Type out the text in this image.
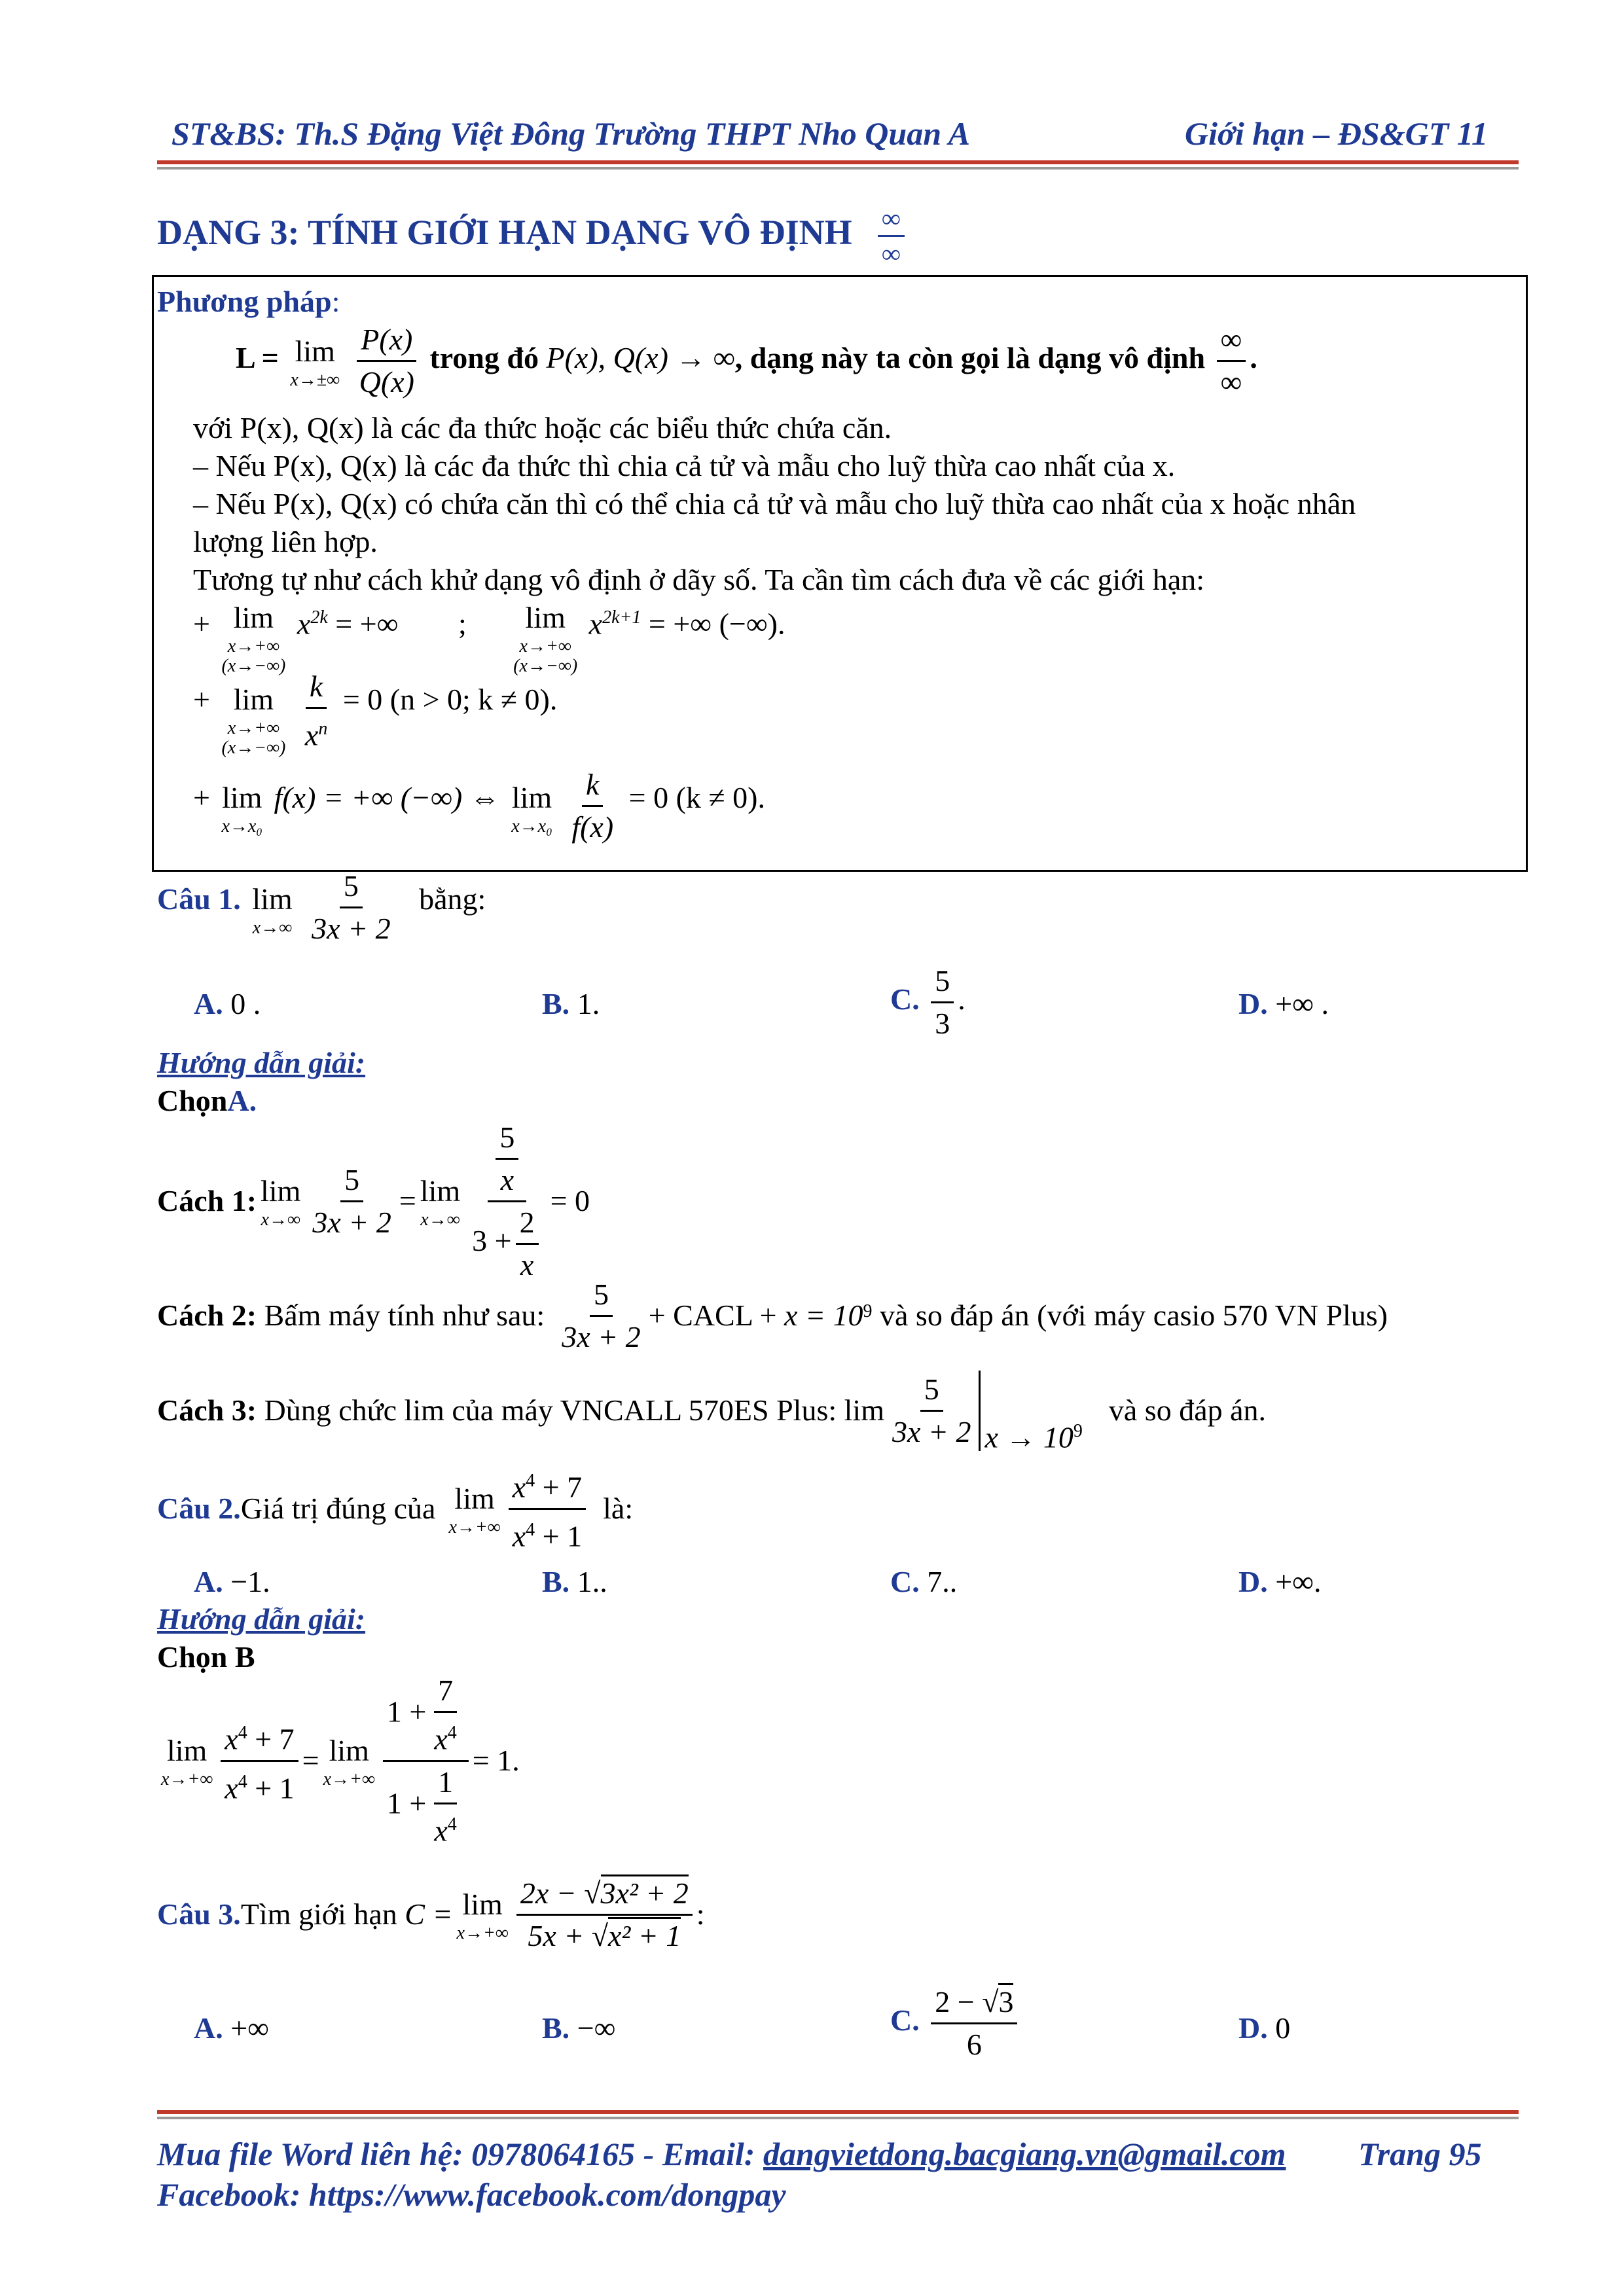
ST&BS: Th.S Đặng Việt Đông Trường THPT Nho Quan A	Giới hạn – ĐS&GT 11
DẠNG 3: TÍNH GIỚI HẠN DẠNG VÔ ĐỊNH $\frac{\infty}{\infty}$
Phương pháp:
L = lim
x→±∞
$\frac{P(x)}{Q(x)}$ trong đó P(x), Q(x) → ∞, dạng này ta còn gọi là dạng vô định $\frac{\infty}{\infty}$ .
với P(x), Q(x) là các đa thức hoặc các biểu thức chứa căn.
– Nếu P(x), Q(x) là các đa thức thì chia cả tử và mẫu cho luỹ thừa cao nhất của x.
– Nếu P(x), Q(x) có chứa căn thì có thể chia cả tử và mẫu cho luỹ thừa cao nhất của x hoặc nhân
lượng liên hợp.
Tương tự như cách khử dạng vô định ở dãy số. Ta cần tìm cách đưa về các giới hạn:
+ lim
x→+∞
(x→−∞)
$x^{2k}$ = +∞ ; lim
x→+∞
(x→−∞)
$x^{2k+1}$ = +∞ (−∞).
+ lim
x→+∞
(x→−∞)
$\frac{k}{x^n} = 0$ (n > 0; k ≠ 0).
+ lim
x→x₀
f(x) = +∞ (−∞) ⇔ lim
x→x₀
$\frac{k}{f(x)} = 0$ (k ≠ 0).
Câu 1. lim
x→∞
$\frac{5}{3x + 2}$ bằng:
A. 0 .	B. 1.	C. $\frac{5}{3}$ .	D. +∞ .
Hướng dẫn giải:
ChọnA.
Cách 1: lim
$x\to\infty \frac{5}{3x + 2} = \lim$
$x\to\infty \frac{\frac{5}{x}}{3 + \frac{2}{x}} = 0$
Cách 2:
Bấm máy tính như sau: $\frac{5}{3x + 2}$ + CACL +
x = 10 9
và so đáp án (với máy casio 570 VN Plus)
Cách 3:
Dùng chức lim của máy VNCALL 570ES Plus:
$\lim \frac{5}{3x + 2}$ $x \to 10^9$
và so đáp án.
Câu 2. Giá trị đúng của lim
$x\to+\infty \frac{x^4 + 7}{x^4 + 1}$ là:
A. −1.	B. 1..	C. 7..	D. +∞.
Hướng dẫn giải:
Chọn B
lim
$x\to+\infty \frac{x^4 + 7}{x^4 + 1} = \lim$
$x\to+\infty \frac{1 + \frac{7}{x^4}}{1 + \frac{1}{x^4}} = 1$.
Câu 3. Tìm giới hạn
C = lim
$x\to+\infty \frac{\text{2x − √3x² + 2}}{\text{5x + √x² + 1}}$ :
A. +∞	B. −∞	C. $\frac{2 - √3}{6}$	D. 0
Mua file Word liên hệ: 0978064165 - Email: dangvietdong.bacgiang.vn@gmail.com Trang 95
Facebook: https://www.facebook.com/dongpay
